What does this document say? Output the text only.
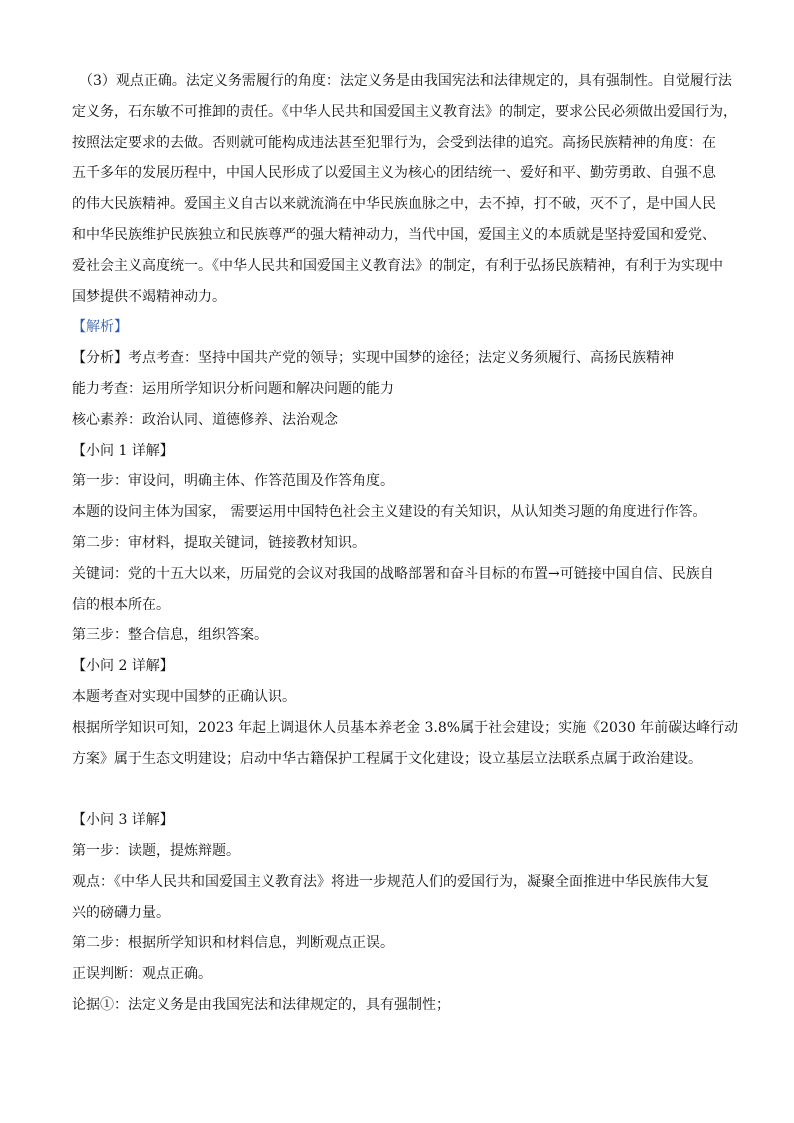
（3）观点正确。法定义务需履行的角度：法定义务是由我国宪法和法律规定的，具有强制性。自觉履行法
定义务，石东敏不可推卸的责任。《中华人民共和国爱国主义教育法》的制定，要求公民必须做出爱国行为，
按照法定要求的去做。否则就可能构成违法甚至犯罪行为，会受到法律的追究。高扬民族精神的角度：在
五千多年的发展历程中，中国人民形成了以爱国主义为核心的团结统一、爱好和平、勤劳勇敢、自强不息
的伟大民族精神。爱国主义自古以来就流淌在中华民族血脉之中，去不掉，打不破，灭不了，是中国人民
和中华民族维护民族独立和民族尊严的强大精神动力，当代中国，爱国主义的本质就是坚持爱国和爱党、
爱社会主义高度统一。《中华人民共和国爱国主义教育法》的制定，有利于弘扬民族精神，有利于为实现中
国梦提供不竭精神动力。
【解析】
【分析】考点考查：坚持中国共产党的领导；实现中国梦的途径；法定义务须履行、高扬民族精神
能力考查：运用所学知识分析问题和解决问题的能力
核心素养：政治认同、道德修养、法治观念
【小问 1 详解】
第一步：审设问，明确主体、作答范围及作答角度。
本题的设问主体为国家， 需要运用中国特色社会主义建设的有关知识，从认知类习题的角度进行作答。
第二步：审材料，提取关键词，链接教材知识。
关键词：党的十五大以来，历届党的会议对我国的战略部署和奋斗目标的布置→可链接中国自信、民族自
信的根本所在。
第三步：整合信息，组织答案。
【小问 2 详解】
本题考查对实现中国梦的正确认识。
根据所学知识可知，2023 年起上调退休人员基本养老金 3.8%属于社会建设；实施《2030 年前碳达峰行动
方案》属于生态文明建设；启动中华古籍保护工程属于文化建设；设立基层立法联系点属于政治建设。
【小问 3 详解】
第一步：读题，提炼辩题。
观点：《中华人民共和国爱国主义教育法》将进一步规范人们的爱国行为，凝聚全面推进中华民族伟大复
兴的磅礴力量。
第二步：根据所学知识和材料信息，判断观点正误。
正误判断：观点正确。
论据①：法定义务是由我国宪法和法律规定的，具有强制性；
